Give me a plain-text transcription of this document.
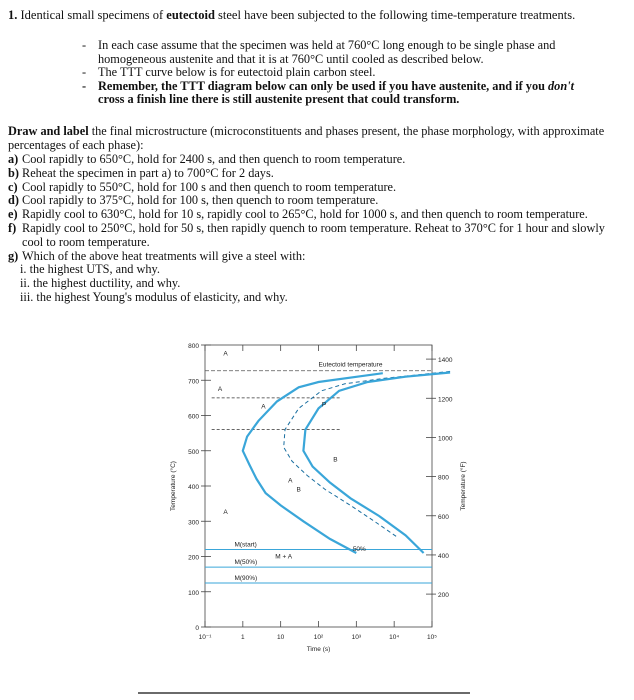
1. Identical small specimens of eutectoid steel have been subjected to the following time-temperature treatments.
- In each case assume that the specimen was held at 760°C long enough to be single phase and homogeneous austenite and that it is at 760°C until cooled as described below.
- The TTT curve below is for eutectoid plain carbon steel.
- Remember, the TTT diagram below can only be used if you have austenite, and if you don't cross a finish line there is still austenite present that could transform.
Draw and label the final microstructure (microconstituents and phases present, the phase morphology, with approximate percentages of each phase):
a) Cool rapidly to 650°C, hold for 2400 s, and then quench to room temperature.
b) Reheat the specimen in part a) to 700°C for 2 days.
c) Cool rapidly to 550°C, hold for 100 s and then quench to room temperature.
d) Cool rapidly to 375°C, hold for 100 s, then quench to room temperature.
e) Rapidly cool to 630°C, hold for 10 s, rapidly cool to 265°C, hold for 1000 s, and then quench to room temperature.
f) Rapidly cool to 250°C, hold for 50 s, then rapidly quench to room temperature. Reheat to 370°C for 1 hour and slowly cool to room temperature.
g) Which of the above heat treatments will give a steel with:
i. the highest UTS, and why.
ii. the highest ductility, and why.
iii. the highest Young's modulus of elasticity, and why.
0
100
200
300
400
500
600
700
800
200
400
600
800
1000
1200
1400
10⁻¹	1	10	10²	10³	10⁴	10⁵
Time (s)
Temperature (°C)	Temperature (°F)
Eutectoid temperature
M(start)
M(50%)
M(90%)
A
A
A
P
B
A
A
B
M + A
50%
